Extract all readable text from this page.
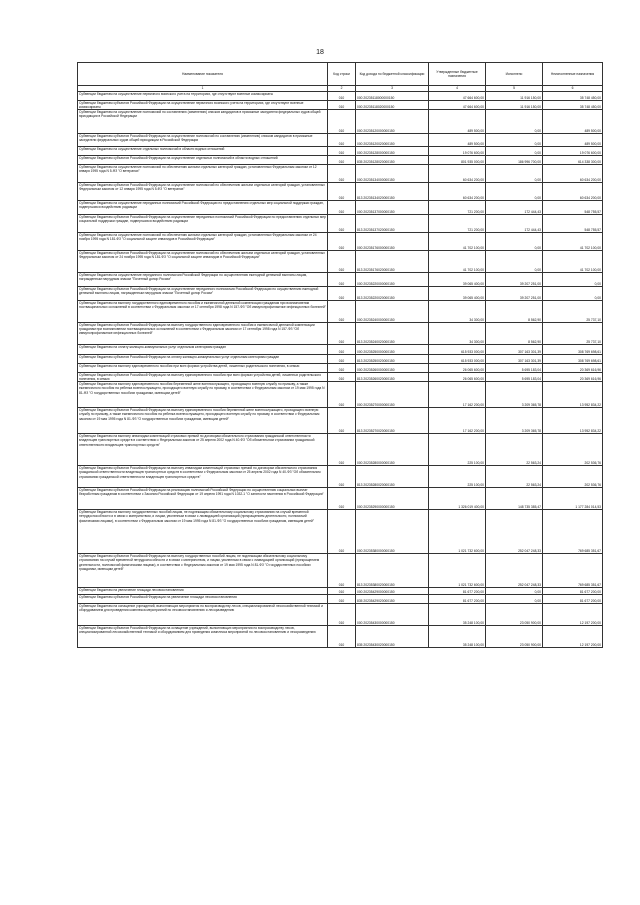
18
Наименование показателя	Код строки	Код дохода по бюджетной классификации	Утвержденные бюджетные назначения	Исполнено	Неисполненные назначения
1	2	3	4	5	6
Субвенции бюджетам на осуществление первичного воинского учета на территориях, где отсутствуют военные комиссариаты	010	000 20235118000000150	47 664 600,00	11 916 150,00	35 748 450,00
Субвенции бюджетам субъектов Российской Федерации на осуществление первичного воинского учета на территориях, где отсутствуют военные комиссариаты	010	000 20235118020000150	47 664 600,00	11 916 150,00	35 748 450,00
Субвенции бюджетам на осуществление полномочий по составлению (изменению) списков кандидатов в присяжные заседатели федеральных судов общей юрисдикции в Российской Федерации	010	000 20235120000000150	489 500,00	0,00	489 500,00
Субвенции бюджетам субъектов Российской Федерации на осуществление полномочий по составлению (изменению) списков кандидатов в присяжные заседатели федеральных судов общей юрисдикции в Российской Федерации	010	000 20235120020000150	489 500,00	0,00	489 500,00
Субвенции бюджетам на осуществление отдельных полномочий в области водных отношений	010	000 20235128000000150	19 076 600,00	0,00	19 076 600,00
Субвенции бюджетам субъектов Российской Федерации на осуществление отдельных полномочий в области водных отношений	010	835 20235128020000150	801 935 000,00	186 996 700,00	614 338 300,00
Субвенции бюджетам на осуществление полномочий по обеспечению жильем отдельных категорий граждан, установленных Федеральным законом от 12 января 1995 года N 5-ФЗ "О ветеранах"	010	000 20235134000000150	60 634 200,00	0,00	60 634 200,00
Субвенции бюджетам субъектов Российской Федерации на осуществление полномочий по обеспечению жильем отдельных категорий граждан, установленных Федеральным законом от 12 января 1995 года N 5-ФЗ "О ветеранах"	010	813 20235134020000150	60 634 200,00	0,00	60 634 200,00
Субвенции бюджетам на осуществление переданных полномочий Российской Федерации по предоставлению отдельных мер социальной поддержки граждан, подвергшихся воздействию радиации	010	000 20235137000000150	721 200,00	172 444,43	548 755,57
Субвенции бюджетам субъектов Российской Федерации на осуществление переданных полномочий Российской Федерации по предоставлению отдельных мер социальной поддержки граждан, подвергшихся воздействию радиации	010	813 20235137020000150	721 200,00	172 444,43	548 755,57
Субвенции бюджетам на осуществление полномочий по обеспечению жильем отдельных категорий граждан, установленных Федеральным законом от 24 ноября 1995 года N 181-ФЗ "О социальной защите инвалидов в Российской Федерации"	010	000 20235176000000150	41 702 100,00	0,00	41 702 100,00
Субвенции бюджетам субъектов Российской Федерации на осуществление полномочий по обеспечению жильем отдельных категорий граждан, установленных Федеральным законом от 24 ноября 1995 года N 181-ФЗ "О социальной защите инвалидов в Российской Федерации"	010	813 20235176020000150	41 702 100,00	0,00	41 702 100,00
Субвенции бюджетам на осуществление переданного полномочия Российской Федерации по осуществлению ежегодной денежной выплаты лицам, награжденным нагрудным знаком "Почетный донор России"	010	000 20235220000000150	39 065 400,00	39 207 251,00	0,00
Субвенции бюджетам субъектов Российской Федерации на осуществление переданного полномочия Российской Федерации по осуществлению ежегодной денежной выплаты лицам, награжденным нагрудным знаком "Почетный донор России"	010	813 20235220020000150	39 065 400,00	39 207 251,00	0,00
Субвенции бюджетам на выплату государственного единовременного пособия и ежемесячной денежной компенсации гражданам при возникновении поствакцинальных осложнений в соответствии с Федеральным законом от 17 сентября 1998 года N 157-ФЗ "Об иммунопрофилактике инфекционных болезней"	010	000 20235240000000150	34 300,00	8 562,90	25 737,10
Субвенции бюджетам субъектов Российской Федерации на выплату государственного единовременного пособия и ежемесячной денежной компенсации гражданам при возникновении поствакцинальных осложнений в соответствии с Федеральным законом от 17 сентября 1998 года N 157-ФЗ "Об иммунопрофилактике инфекционных болезней"	010	813 20235240020000150	34 300,00	8 562,90	25 737,10
Субвенции бюджетам на оплату жилищно-коммунальных услуг отдельным категориям граждан	010	000 20235250000000150	615 933 000,00	307 163 301,39	308 769 698,61
Субвенции бюджетам субъектов Российской Федерации на оплату жилищно-коммунальных услуг отдельным категориям граждан	010	813 20235250020000150	615 933 000,00	307 163 301,39	308 769 698,61
Субвенции бюджетам на выплату единовременного пособия при всех формах устройства детей, лишенных родительского попечения, в семью	010	000 20235260000000150	26 065 600,00	5 695 183,04	20 369 616,96
Субвенции бюджетам субъектов Российской Федерации на выплату единовременного пособия при всех формах устройства детей, лишенных родительского попечения, в семью	010	813 20235260020000150	26 065 600,00	5 695 183,04	20 369 616,96
Субвенции бюджетам на выплату единовременного пособия беременной жене военнослужащего, проходящего военную службу по призыву, а также ежемесячного пособия на ребенка военнослужащего, проходящего военную службу по призыву, в соответствии с Федеральным законом от 19 мая 1995 года N 81-ФЗ "О государственных пособиях гражданам, имеющим детей"	010	000 20235270000000150	17 162 200,00	3 209 365,78	13 952 834,22
Субвенции бюджетам субъектов Российской Федерации на выплату единовременного пособия беременной жене военнослужащего, проходящего военную службу по призыву, а также ежемесячного пособия на ребенка военнослужащего, проходящего военную службу по призыву, в соответствии с Федеральным законом от 19 мая 1995 года N 81-ФЗ "О государственных пособиях гражданам, имеющим детей"	010	813 20235270020000150	17 162 200,00	3 209 365,78	13 952 834,22
Субвенции бюджетам на выплату инвалидам компенсаций страховых премий по договорам обязательного страхования гражданской ответственности владельцев транспортных средств в соответствии с Федеральным законом от 25 апреля 2002 года N 40-ФЗ "Об обязательном страховании гражданской ответственности владельцев транспортных средств"	010	000 20235280000000150	225 100,00	22 563,24	202 536,76
Субвенции бюджетам субъектов Российской Федерации на выплату инвалидам компенсаций страховых премий по договорам обязательного страхования гражданской ответственности владельцев транспортных средств в соответствии с Федеральным законом от 25 апреля 2002 года N 40-ФЗ "Об обязательном страховании гражданской ответственности владельцев транспортных средств"	010	813 20235280020000150	225 100,00	22 563,24	202 536,76
Субвенции бюджетам субъектов Российской Федерации на реализацию полномочий Российской Федерации по осуществлению социальных выплат безработным гражданам в соответствии с Законом Российской Федерации от 19 апреля 1991 года N 1032-1 "О занятости населения в Российской Федерации"	010	000 20235290000000150	1 326 019 400,00	148 735 385,47	1 177 284 014,53
Субвенции бюджетам на выплату государственных пособий лицам, не подлежащим обязательному социальному страхованию на случай временной нетрудоспособности и в связи с материнством, и лицам, уволенным в связи с ликвидацией организаций (прекращением деятельности, полномочий физическими лицами), в соответствии с Федеральным законом от 19 мая 1995 года N 81-ФЗ "О государственных пособиях гражданам, имеющим детей"	010	000 20235380000000150	1 021 732 600,00	252 047 248,33	769 685 351,67
Субвенции бюджетам субъектов Российской Федерации на выплату государственных пособий лицам, не подлежащим обязательному социальному страхованию на случай временной нетрудоспособности и в связи с материнством, и лицам, уволенным в связи с ликвидацией организаций (прекращением деятельности, полномочий физическими лицами), в соответствии с Федеральным законом от 19 мая 1995 года N 81-ФЗ "О государственных пособиях гражданам, имеющим детей"	010	813 20235380020000150	1 021 732 600,00	252 047 248,33	769 685 351,67
Субвенции бюджетам на увеличение площади лесовосстановления	010	000 20235429000000150	81 677 200,00	0,00	81 677 200,00
Субвенции бюджетам субъектов Российской Федерации на увеличение площади лесовосстановления	010	835 20235429020000150	81 677 200,00	0,00	81 677 200,00
Субвенции бюджетам на оснащение учреждений, выполняющих мероприятия по воспроизводству лесов, специализированной лесохозяйственной техникой и оборудованием для проведения комплекса мероприятий по лесовосстановлению и лесоразведению	010	000 20235430000000150	35 248 100,00	23 050 900,00	12 197 200,00
Субвенции бюджетам субъектов Российской Федерации на оснащение учреждений, выполняющих мероприятия по воспроизводству лесов, специализированной лесохозяйственной техникой и оборудованием для проведения комплекса мероприятий по лесовосстановлению и лесоразведению	010	835 20235430020000150	35 248 100,00	23 050 900,00	12 197 200,00
